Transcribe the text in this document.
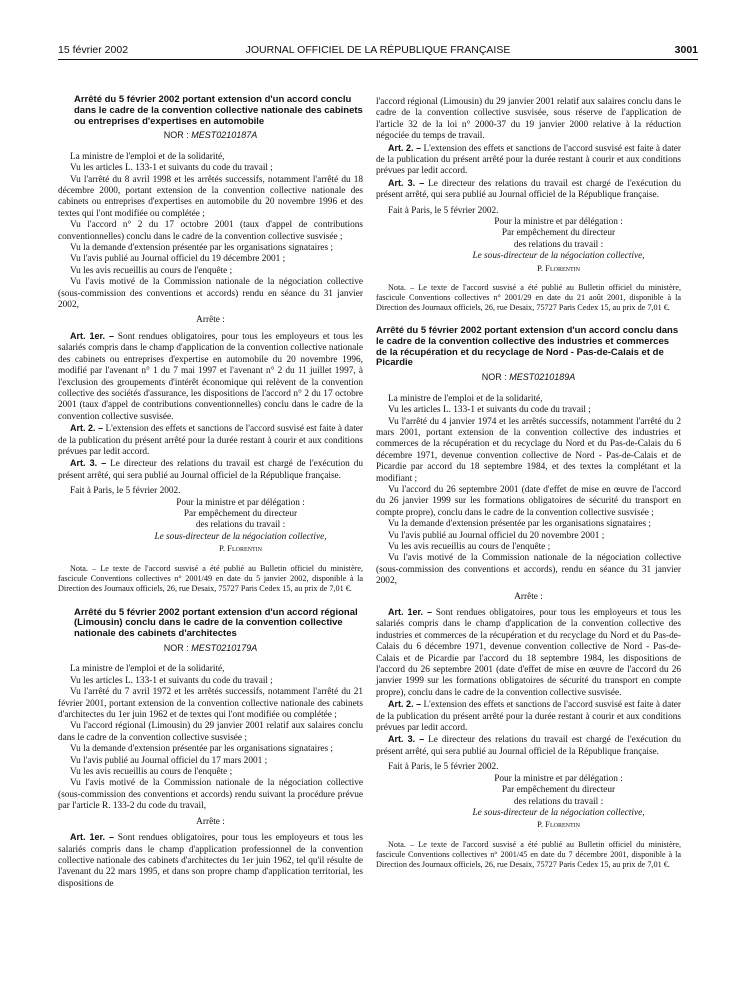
15 février 2002	JOURNAL OFFICIEL DE LA RÉPUBLIQUE FRANÇAISE	3001
Arrêté du 5 février 2002 portant extension d'un accord conclu dans le cadre de la convention collective nationale des cabinets ou entreprises d'expertises en automobile
NOR : MEST0210187A

La ministre de l'emploi et de la solidarité,

Vu les articles L. 133-1 et suivants du code du travail ;

Vu l'arrêté du 8 avril 1998 et les arrêtés successifs, notamment l'arrêté du 18 décembre 2000, portant extension de la convention collective nationale des cabinets ou entreprises d'expertises en automobile du 20 novembre 1996 et des textes qui l'ont modifiée ou complétée ;

Vu l'accord n° 2 du 17 octobre 2001 (taux d'appel de contributions conventionnelles) conclu dans le cadre de la convention collective susvisée ;

Vu la demande d'extension présentée par les organisations signataires ;

Vu l'avis publié au Journal officiel du 19 décembre 2001 ;

Vu les avis recueillis au cours de l'enquête ;

Vu l'avis motivé de la Commission nationale de la négociation collective (sous-commission des conventions et accords) rendu en séance du 31 janvier 2002,

Arrête :

Art. 1er. – Sont rendues obligatoires, pour tous les employeurs et tous les salariés compris dans le champ d'application de la convention collective nationale des cabinets ou entreprises d'expertise en automobile du 20 novembre 1996, modifié par l'avenant n° 1 du 7 mai 1997 et l'avenant n° 2 du 11 juillet 1997, à l'exclusion des groupements d'intérêt économique qui relèvent de la convention collective des sociétés d'assurance, les dispositions de l'accord n° 2 du 17 octobre 2001 (taux d'appel de contributions conventionnelles) conclu dans le cadre de la convention collective susvisée.

Art. 2. – L'extension des effets et sanctions de l'accord susvisé est faite à dater de la publication du présent arrêté pour la durée restant à courir et aux conditions prévues par ledit accord.

Art. 3. – Le directeur des relations du travail est chargé de l'exécution du présent arrêté, qui sera publié au Journal officiel de la République française.

Fait à Paris, le 5 février 2002.

Pour la ministre et par délégation :

Par empêchement du directeur

des relations du travail :

Le sous-directeur de la négociation collective,

P. Florentin

Nota. – Le texte de l'accord susvisé a été publié au Bulletin officiel du ministère, fascicule Conventions collectives n° 2001/49 en date du 5 janvier 2002, disponible à la Direction des Journaux officiels, 26, rue Desaix, 75727 Paris Cedex 15, au prix de 7,01 €.
Arrêté du 5 février 2002 portant extension d'un accord régional (Limousin) conclu dans le cadre de la convention collective nationale des cabinets d'architectes
NOR : MEST0210179A

La ministre de l'emploi et de la solidarité,

Vu les articles L. 133-1 et suivants du code du travail ;

Vu l'arrêté du 7 avril 1972 et les arrêtés successifs, notamment l'arrêté du 21 février 2001, portant extension de la convention collective nationale des cabinets d'architectes du 1er juin 1962 et de textes qui l'ont modifiée ou complétée ;

Vu l'accord régional (Limousin) du 29 janvier 2001 relatif aux salaires conclu dans le cadre de la convention collective susvisée ;

Vu la demande d'extension présentée par les organisations signataires ;

Vu l'avis publié au Journal officiel du 17 mars 2001 ;

Vu les avis recueillis au cours de l'enquête ;

Vu l'avis motivé de la Commission nationale de la négociation collective (sous-commission des conventions et accords) rendu suivant la procédure prévue par l'article R. 133-2 du code du travail,

Arrête :

Art. 1er. – Sont rendues obligatoires, pour tous les employeurs et tous les salariés compris dans le champ d'application professionnel de la convention collective nationale des cabinets d'architectes du 1er juin 1962, tel qu'il résulte de l'avenant du 22 mars 1995, et dans son propre champ d'application territorial, les dispositions de

l'accord régional (Limousin) du 29 janvier 2001 relatif aux salaires conclu dans le cadre de la convention collective susvisée, sous réserve de l'application de l'article 32 de la loi n° 2000-37 du 19 janvier 2000 relative à la réduction négociée du temps de travail.

Art. 2. – L'extension des effets et sanctions de l'accord susvisé est faite à dater de la publication du présent arrêté pour la durée restant à courir et aux conditions prévues par ledit accord.

Art. 3. – Le directeur des relations du travail est chargé de l'exécution du présent arrêté, qui sera publié au Journal officiel de la République française.

Fait à Paris, le 5 février 2002.

Pour la ministre et par délégation :

Par empêchement du directeur

des relations du travail :

Le sous-directeur de la négociation collective,

P. Florentin

Nota. – Le texte de l'accord susvisé a été publié au Bulletin officiel du ministère, fascicule Conventions collectives n° 2001/29 en date du 21 août 2001, disponible à la Direction des Journaux officiels, 26, rue Desaix, 75727 Paris Cedex 15, au prix de 7,01 €.
Arrêté du 5 février 2002 portant extension d'un accord conclu dans le cadre de la convention collective des industries et commerces de la récupération et du recyclage de Nord - Pas-de-Calais et de Picardie
NOR : MEST0210189A

La ministre de l'emploi et de la solidarité,

Vu les articles L. 133-1 et suivants du code du travail ;

Vu l'arrêté du 4 janvier 1974 et les arrêtés successifs, notamment l'arrêté du 2 mars 2001, portant extension de la convention collective des industries et commerces de la récupération et du recyclage du Nord et du Pas-de-Calais du 6 décembre 1971, devenue convention collective de Nord - Pas-de-Calais et de Picardie par accord du 18 septembre 1984, et des textes la complétant et la modifiant ;

Vu l'accord du 26 septembre 2001 (date d'effet de mise en œuvre de l'accord du 26 janvier 1999 sur les formations obligatoires de sécurité du transport en compte propre), conclu dans le cadre de la convention collective susvisée ;

Vu la demande d'extension présentée par les organisations signataires ;

Vu l'avis publié au Journal officiel du 20 novembre 2001 ;

Vu les avis recueillis au cours de l'enquête ;

Vu l'avis motivé de la Commission nationale de la négociation collective (sous-commission des conventions et accords), rendu en séance du 31 janvier 2002,

Arrête :

Art. 1er. – Sont rendues obligatoires, pour tous les employeurs et tous les salariés compris dans le champ d'application de la convention collective des industries et commerces de la récupération et du recyclage du Nord et du Pas-de-Calais du 6 décembre 1971, devenue convention collective de Nord - Pas-de-Calais et de Picardie par l'accord du 18 septembre 1984, les dispositions de l'accord du 26 septembre 2001 (date d'effet de mise en œuvre de l'accord du 26 janvier 1999 sur les formations obligatoires de sécurité du transport en compte propre), conclu dans le cadre de la convention collective susvisée.

Art. 2. – L'extension des effets et sanctions de l'accord susvisé est faite à dater de la publication du présent arrêté pour la durée restant à courir et aux conditions prévues par ledit accord.

Art. 3. – Le directeur des relations du travail est chargé de l'exécution du présent arrêté, qui sera publié au Journal officiel de la République française.

Fait à Paris, le 5 février 2002.

Pour la ministre et par délégation :

Par empêchement du directeur

des relations du travail :

Le sous-directeur de la négociation collective,

P. Florentin

Nota. – Le texte de l'accord susvisé a été publié au Bulletin officiel du ministère, fascicule Conventions collectives n° 2001/45 en date du 7 décembre 2001, disponible à la Direction des Journaux officiels, 26, rue Desaix, 75727 Paris Cedex 15, au prix de 7,01 €.
